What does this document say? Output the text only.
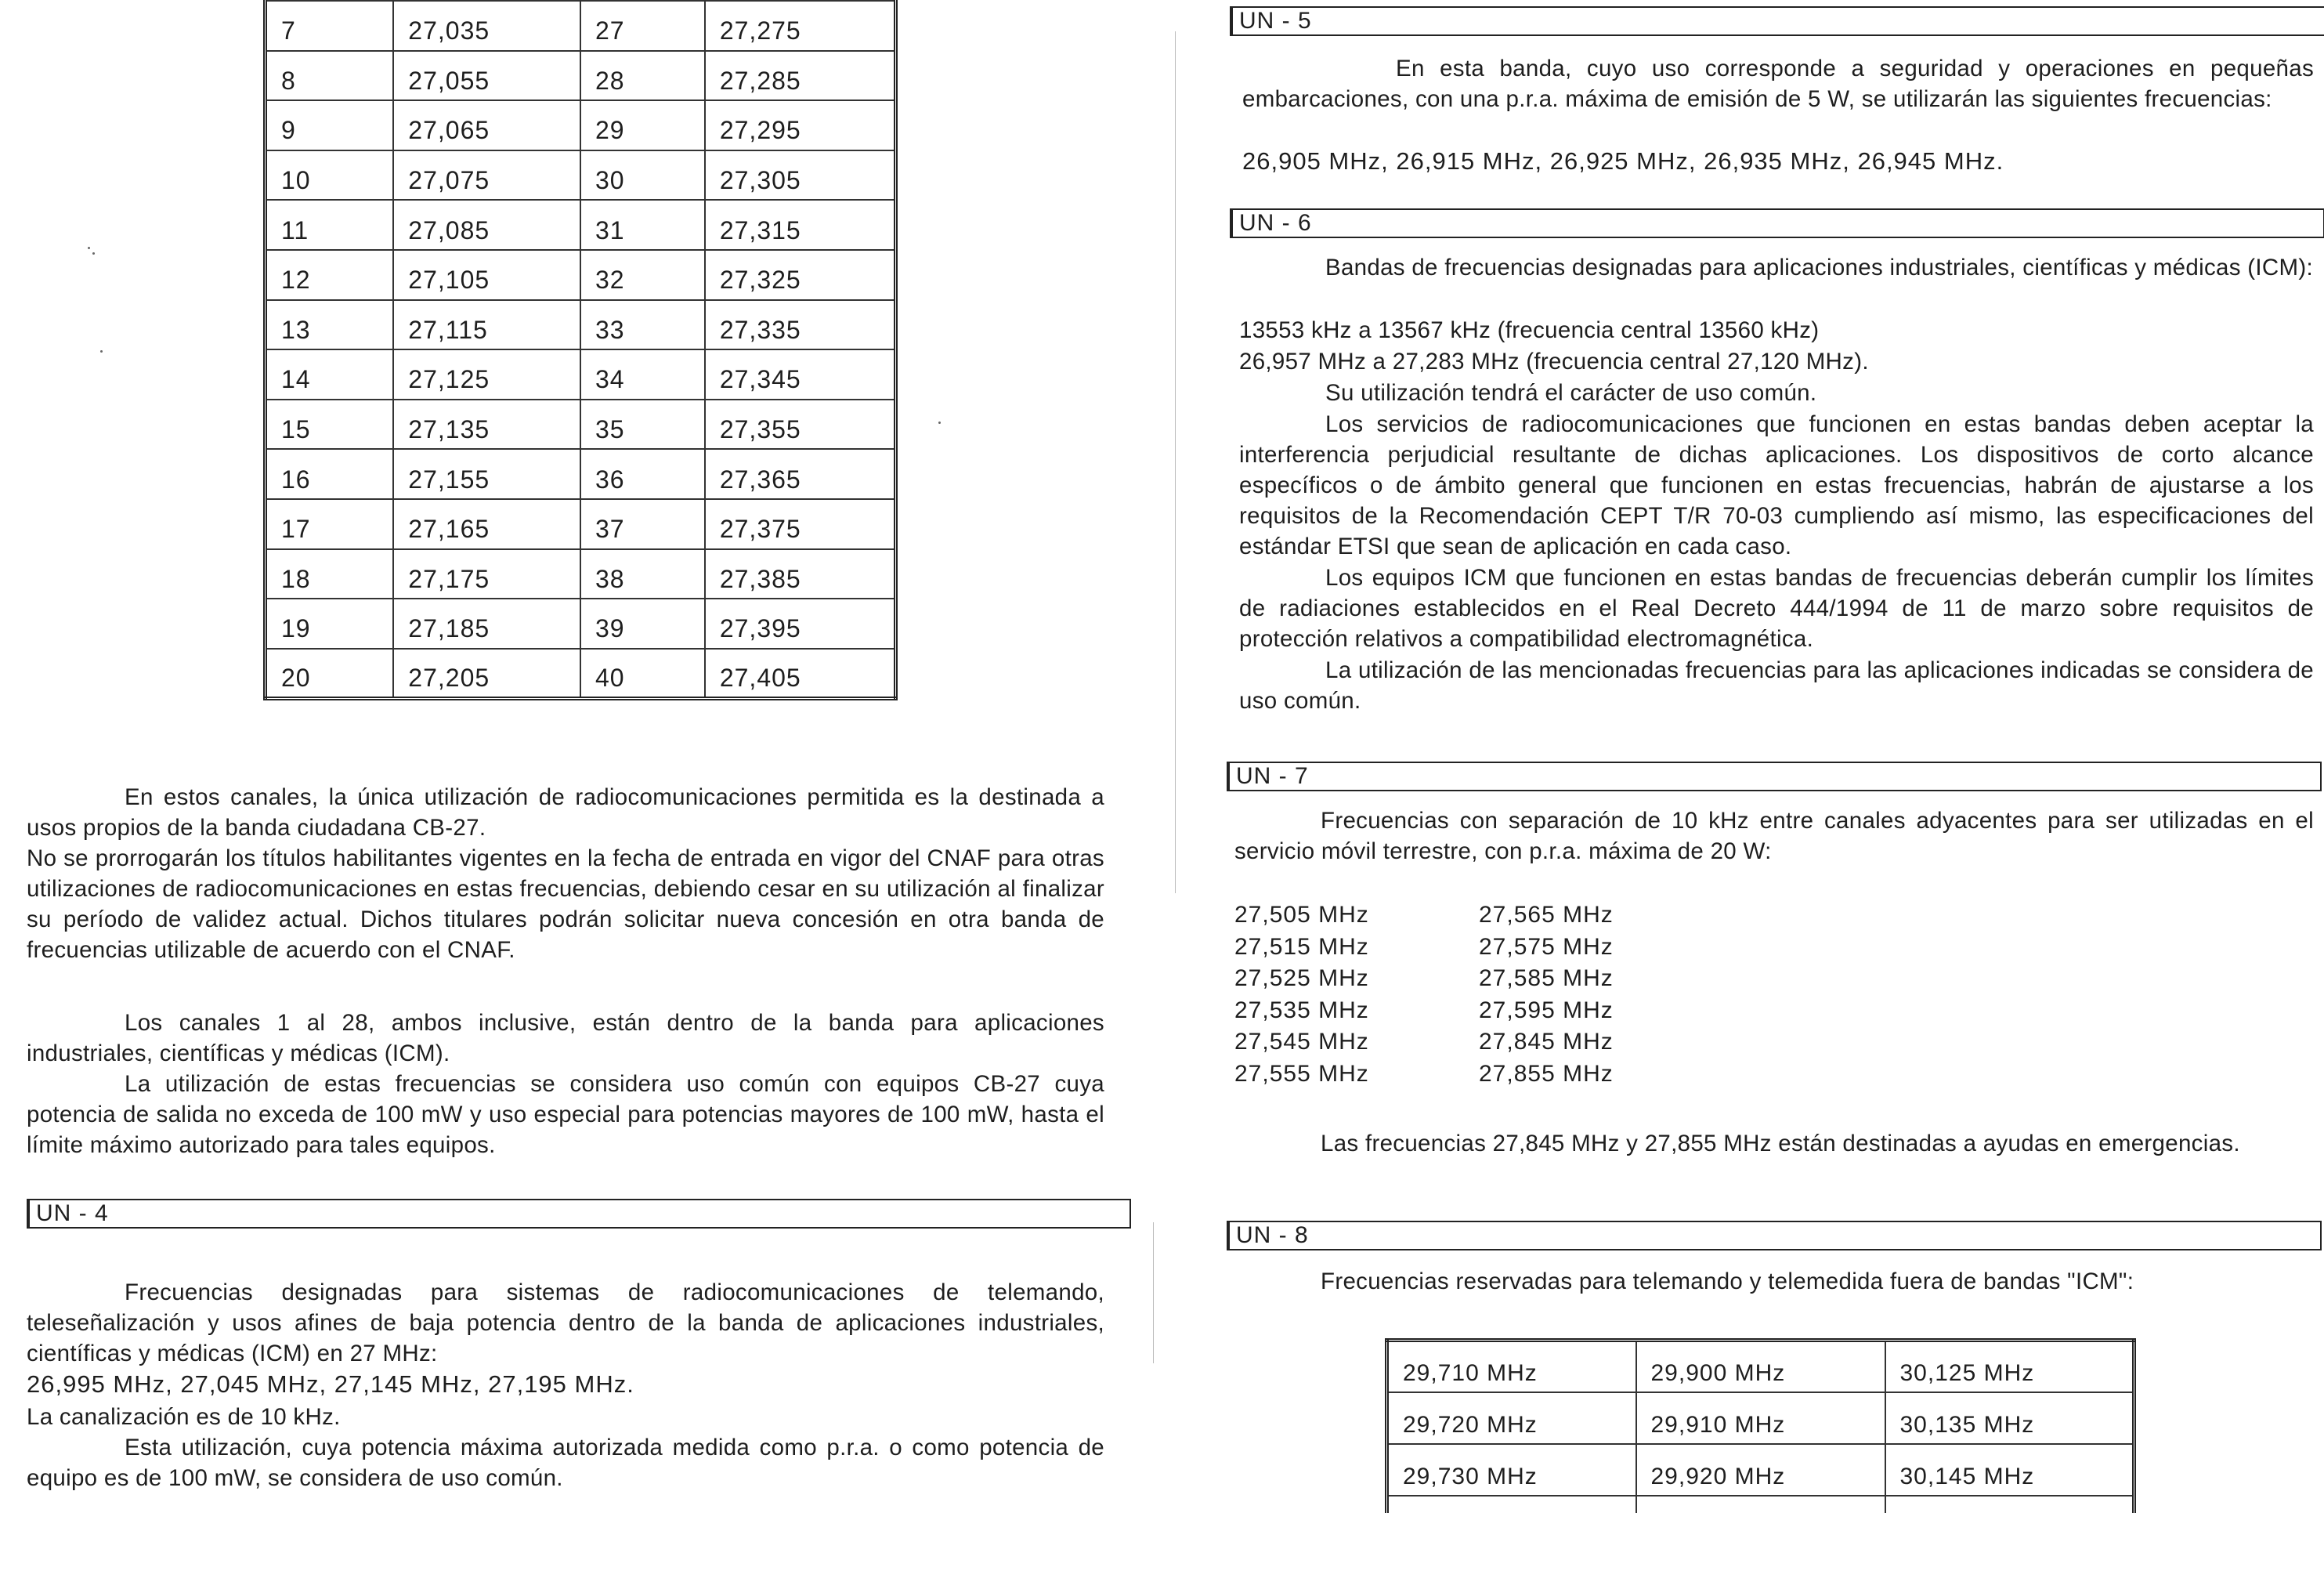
7	27,035	27	27,275
8	27,055	28	27,285
9	27,065	29	27,295
10	27,075	30	27,305
11	27,085	31	27,315
12	27,105	32	27,325
13	27,115	33	27,335
14	27,125	34	27,345
15	27,135	35	27,355
16	27,155	36	27,365
17	27,165	37	27,375
18	27,175	38	27,385
19	27,185	39	27,395
20	27,205	40	27,405

En estos canales, la única utilización de radiocomunicaciones permitida es la destinada a usos propios de la banda ciudadana CB-27.

No se prorrogarán los títulos habilitantes vigentes en la fecha de entrada en vigor del CNAF para otras utilizaciones de radiocomunicaciones en estas frecuencias, debiendo cesar en su utilización al finalizar su período de validez actual. Dichos titulares podrán solicitar nueva concesión en otra banda de frecuencias utilizable de acuerdo con el CNAF.

Los canales 1 al 28, ambos inclusive, están dentro de la banda para aplicaciones industriales, científicas y médicas (ICM).

La utilización de estas frecuencias se considera uso común con equipos CB-27 cuya potencia de salida no exceda de 100 mW y uso especial para potencias mayores de 100 mW, hasta el límite máximo autorizado para tales equipos.

UN - 4

Frecuencias designadas para sistemas de radiocomunicaciones de telemando, teleseñalización y usos afines de baja potencia dentro de la banda de aplicaciones industriales, científicas y médicas (ICM) en 27 MHz:

26,995 MHz, 27,045 MHz, 27,145 MHz, 27,195 MHz.

La canalización es de 10 kHz.

Esta utilización, cuya potencia máxima autorizada medida como p.r.a. o como potencia de equipo es de 100 mW, se considera de uso común.

UN - 5

En esta banda, cuyo uso corresponde a seguridad y operaciones en pequeñas embarcaciones, con una p.r.a. máxima de emisión de 5 W, se utilizarán las siguientes frecuencias:

26,905 MHz, 26,915 MHz, 26,925 MHz, 26,935 MHz, 26,945 MHz.

UN - 6

Bandas de frecuencias designadas para aplicaciones industriales, científicas y médicas (ICM):

13553 kHz a 13567 kHz (frecuencia central 13560 kHz)

26,957 MHz a 27,283 MHz (frecuencia central 27,120 MHz).

Su utilización tendrá el carácter de uso común.

Los servicios de radiocomunicaciones que funcionen en estas bandas deben aceptar la interferencia perjudicial resultante de dichas aplicaciones. Los dispositivos de corto alcance específicos o de ámbito general que funcionen en estas frecuencias, habrán de ajustarse a los requisitos de la Recomendación CEPT T/R 70-03 cumpliendo así mismo, las especificaciones del estándar ETSI que sean de aplicación en cada caso.

Los equipos ICM que funcionen en estas bandas de frecuencias deberán cumplir los límites de radiaciones establecidos en el Real Decreto 444/1994 de 11 de marzo sobre requisitos de protección relativos a compatibilidad electromagnética.

La utilización de las mencionadas frecuencias para las aplicaciones indicadas se considera de uso común.

UN - 7

Frecuencias con separación de 10 kHz entre canales adyacentes para ser utilizadas en el servicio móvil terrestre, con p.r.a. máxima de 20 W:

27,505 MHz	27,565 MHz
27,515 MHz	27,575 MHz
27,525 MHz	27,585 MHz
27,535 MHz	27,595 MHz
27,545 MHz	27,845 MHz
27,555 MHz	27,855 MHz

Las frecuencias 27,845 MHz y 27,855 MHz están destinadas a ayudas en emergencias.

UN - 8

Frecuencias reservadas para telemando y telemedida fuera de bandas "ICM":

29,710 MHz	29,900 MHz	30,125 MHz
29,720 MHz	29,910 MHz	30,135 MHz
29,730 MHz	29,920 MHz	30,145 MHz
